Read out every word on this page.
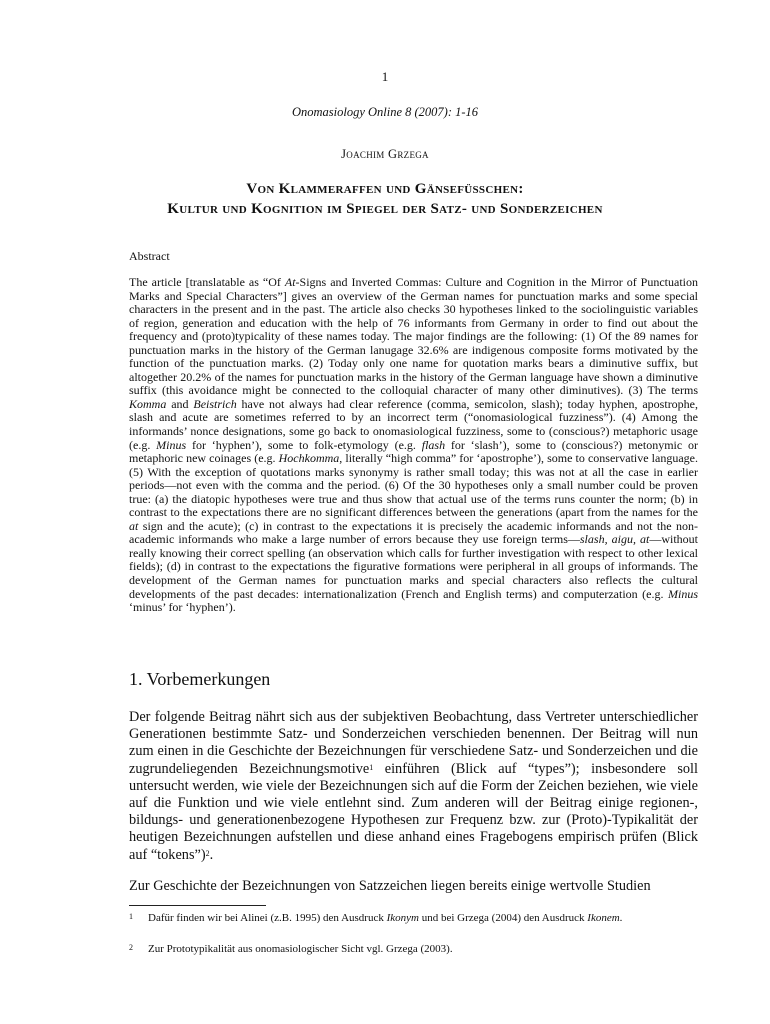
1
Onomasiology Online 8 (2007): 1-16
Joachim Grzega
Von Klammeraffen und Gänsefüsschen:
Kultur und Kognition im Spiegel der Satz- und Sonderzeichen
Abstract
The article [translatable as “Of At-Signs and Inverted Commas: Culture and Cognition in the Mirror of Punctuation Marks and Special Characters”] gives an overview of the German names for punctuation marks and some special characters in the present and in the past. The article also checks 30 hypotheses linked to the sociolinguistic variables of region, generation and education with the help of 76 informants from Germany in order to find out about the frequency and (proto)typicality of these names today. The major findings are the following: (1) Of the 89 names for punctuation marks in the history of the German lanugage 32.6% are indigenous composite forms motivated by the function of the punctuation marks. (2) Today only one name for quotation marks bears a diminutive suffix, but altogether 20.2% of the names for punctuation marks in the history of the German language have shown a diminutive suffix (this avoidance might be connected to the colloquial character of many other diminutives). (3) The terms Komma and Beistrich have not always had clear reference (comma, semicolon, slash); today hyphen, apostrophe, slash and acute are sometimes referred to by an incorrect term (“onomasiological fuzziness”). (4) Among the informands’ nonce designations, some go back to onomasiological fuzziness, some to (conscious?) metaphoric usage (e.g. Minus for ‘hyphen’), some to folk-etymology (e.g. flash for ‘slash’), some to (conscious?) metonymic or metaphoric new coinages (e.g. Hochkomma, literally “high comma” for ‘apostrophe’), some to conservative language. (5) With the exception of quotations marks synonymy is rather small today; this was not at all the case in earlier periods—not even with the comma and the period. (6) Of the 30 hypotheses only a small number could be proven true: (a) the diatopic hypotheses were true and thus show that actual use of the terms runs counter the norm; (b) in contrast to the expectations there are no significant differences between the generations (apart from the names for the at sign and the acute); (c) in contrast to the expectations it is precisely the academic informands and not the non-academic informands who make a large number of errors because they use foreign terms—slash, aigu, at—without really knowing their correct spelling (an observation which calls for further investigation with respect to other lexical fields); (d) in contrast to the expectations the figurative formations were peripheral in all groups of informands. The development of the German names for punctuation marks and special characters also reflects the cultural developments of the past decades: internationalization (French and English terms) and computerzation (e.g. Minus ‘minus’ for ‘hyphen’).
1. Vorbemerkungen
Der folgende Beitrag nährt sich aus der subjektiven Beobachtung, dass Vertreter unterschiedlicher Generationen bestimmte Satz- und Sonderzeichen verschieden benennen. Der Beitrag will nun zum einen in die Geschichte der Bezeichnungen für verschiedene Satz- und Sonderzeichen und die zugrundeliegenden Bezeichnungsmotive$^1$ einführen (Blick auf “types”); insbesondere soll untersucht werden, wie viele der Bezeichnungen sich auf die Form der Zeichen beziehen, wie viele auf die Funktion und wie viele entlehnt sind. Zum anderen will der Beitrag einige regionen-, bildungs- und generationenbezogene Hypothesen zur Frequenz bzw. zur (Proto)-Typikalität der heutigen Bezeichnungen aufstellen und diese anhand eines Fragebogens empirisch prüfen (Blick auf “tokens”)$^2$.
Zur Geschichte der Bezeichnungen von Satzzeichen liegen bereits einige wertvolle Studien
1 Dafür finden wir bei Alinei (z.B. 1995) den Ausdruck Ikonym und bei Grzega (2004) den Ausdruck Ikonem.
2 Zur Prototypikalität aus onomasiologischer Sicht vgl. Grzega (2003).
